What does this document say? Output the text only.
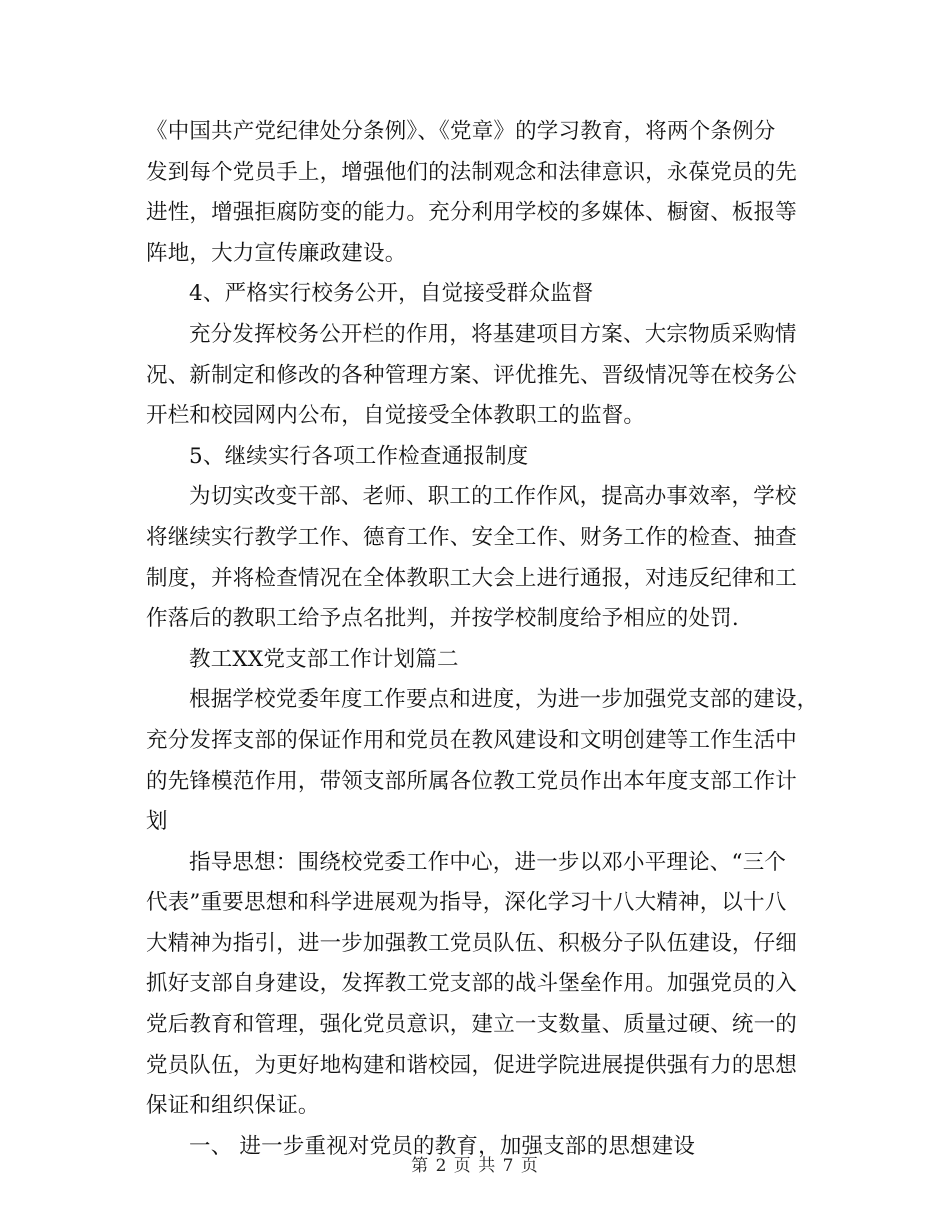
《中国共产党纪律处分条例》、《党章》的学习教育，将两个条例分
发到每个党员手上，增强他们的法制观念和法律意识，永葆党员的先
进性，增强拒腐防变的能力。充分利用学校的多媒体、橱窗、板报等
阵地，大力宣传廉政建设。
4、严格实行校务公开，自觉接受群众监督
充分发挥校务公开栏的作用，将基建项目方案、大宗物质采购情
况、新制定和修改的各种管理方案、评优推先、晋级情况等在校务公
开栏和校园网内公布，自觉接受全体教职工的监督。
5、继续实行各项工作检查通报制度
为切实改变干部、老师、职工的工作作风，提高办事效率，学校
将继续实行教学工作、德育工作、安全工作、财务工作的检查、抽查
制度，并将检查情况在全体教职工大会上进行通报，对违反纪律和工
作落后的教职工给予点名批判，并按学校制度给予相应的处罚.
教工XX党支部工作计划篇二
根据学校党委年度工作要点和进度，为进一步加强党支部的建设，
充分发挥支部的保证作用和党员在教风建设和文明创建等工作生活中
的先锋模范作用，带领支部所属各位教工党员作出本年度支部工作计
划
指导思想：围绕校党委工作中心，进一步以邓小平理论、“三个
代表”重要思想和科学进展观为指导，深化学习十八大精神，以十八
大精神为指引，进一步加强教工党员队伍、积极分子队伍建设，仔细
抓好支部自身建设，发挥教工党支部的战斗堡垒作用。加强党员的入
党后教育和管理，强化党员意识，建立一支数量、质量过硬、统一的
党员队伍，为更好地构建和谐校园，促进学院进展提供强有力的思想
保证和组织保证。
一、 进一步重视对党员的教育，加强支部的思想建设
第 2 页 共 7 页
